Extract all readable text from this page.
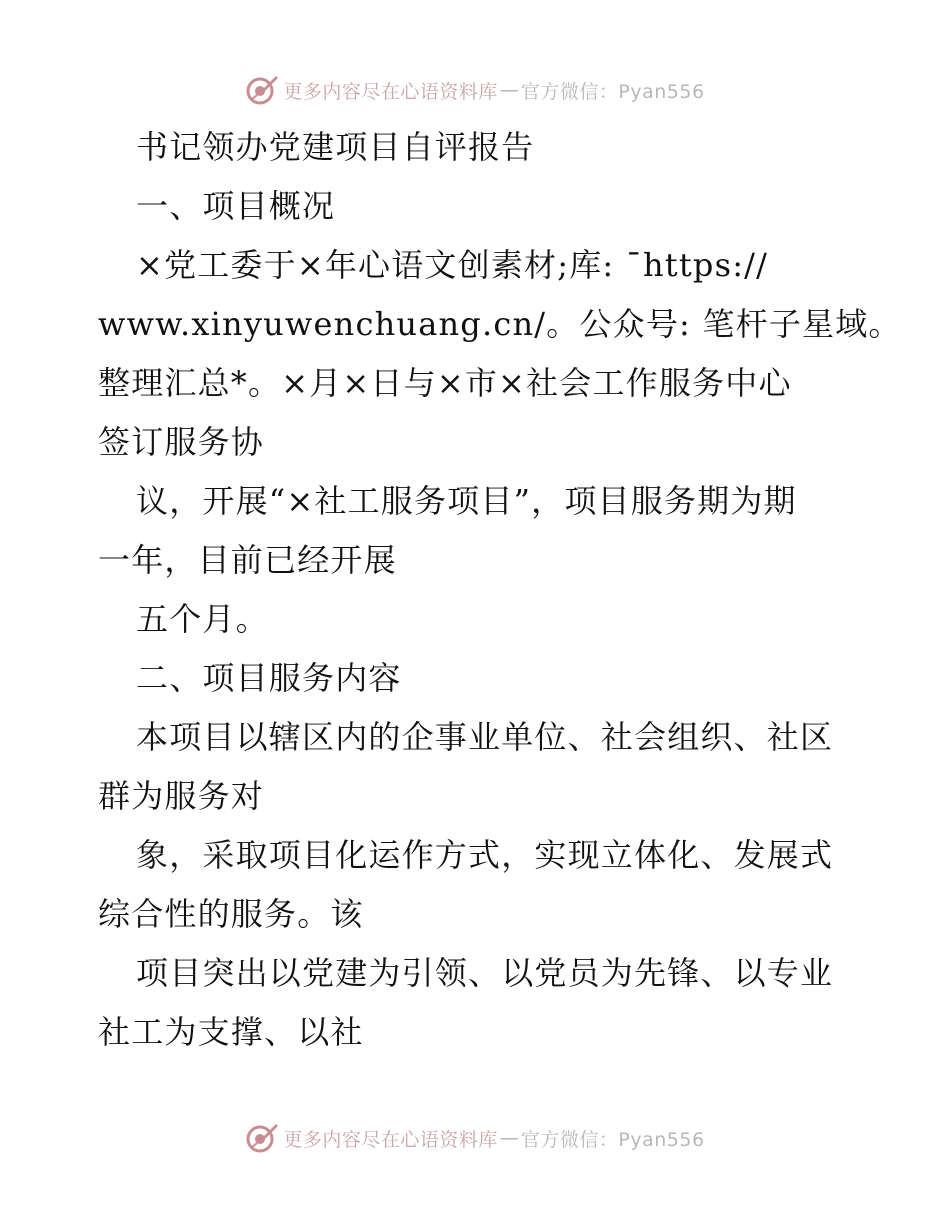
更多内容尽在心语资料库 — 官方微信：Pyan556
书记领办党建项目自评报告
一、项目概况
×党工委于×年心语文创素材;库: ¯https://
www.xinyuwenchuang.cn/。公众号: 笔杆子星域。
整理汇总*。×月×日与×市×社会工作服务中心
签订服务协
议，开展“×社工服务项目”，项目服务期为期
一年，目前已经开展
五个月。
二、项目服务内容
本项目以辖区内的企事业单位、社会组织、社区
群为服务对
象，采取项目化运作方式，实现立体化、发展式
综合性的服务。该
项目突出以党建为引领、以党员为先锋、以专业
社工为支撑、以社
更多内容尽在心语资料库 — 官方微信：Pyan556
